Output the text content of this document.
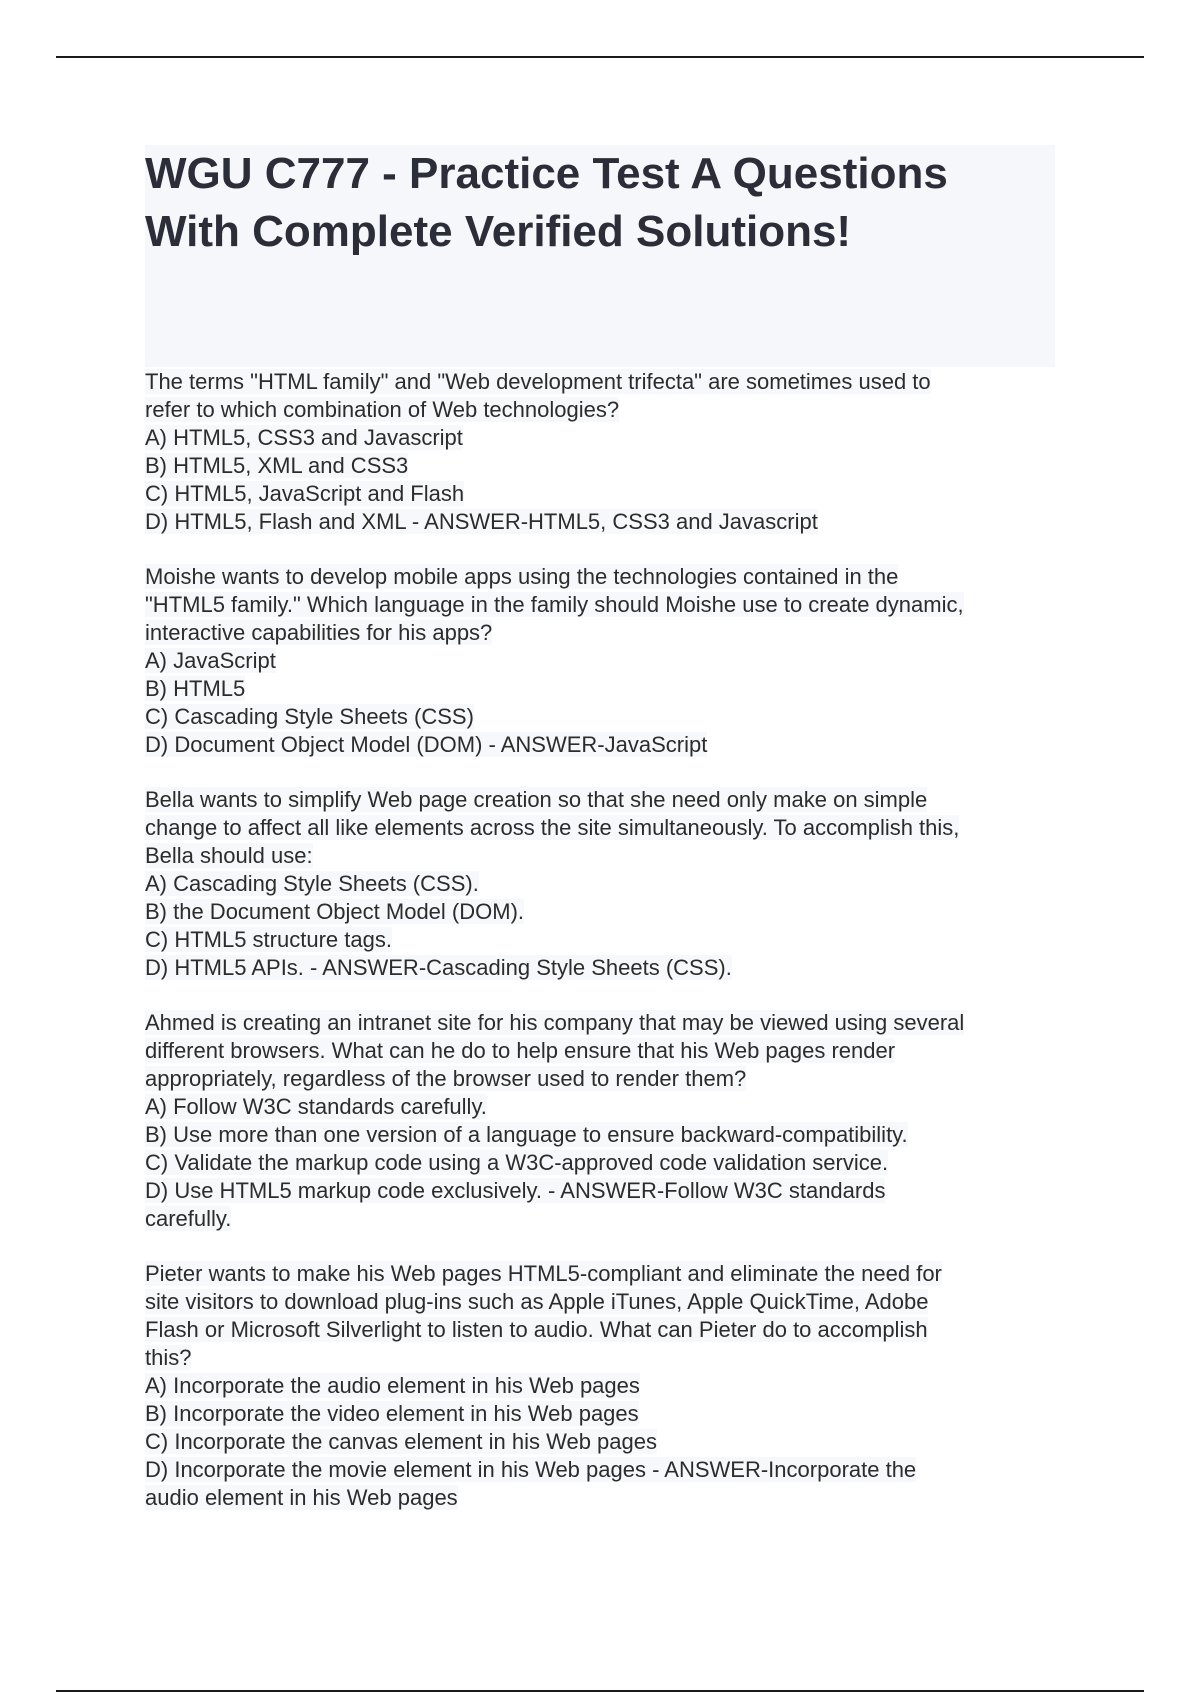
WGU C777 - Practice Test A Questions
With Complete Verified Solutions!
The terms "HTML family" and "Web development trifecta" are sometimes used to
refer to which combination of Web technologies?
A) HTML5, CSS3 and Javascript
B) HTML5, XML and CSS3
C) HTML5, JavaScript and Flash
D) HTML5, Flash and XML - ANSWER-HTML5, CSS3 and Javascript
Moishe wants to develop mobile apps using the technologies contained in the
"HTML5 family." Which language in the family should Moishe use to create dynamic,
interactive capabilities for his apps?
A) JavaScript
B) HTML5
C) Cascading Style Sheets (CSS)
D) Document Object Model (DOM) - ANSWER-JavaScript
Bella wants to simplify Web page creation so that she need only make on simple
change to affect all like elements across the site simultaneously. To accomplish this,
Bella should use:
A) Cascading Style Sheets (CSS).
B) the Document Object Model (DOM).
C) HTML5 structure tags.
D) HTML5 APIs. - ANSWER-Cascading Style Sheets (CSS).
Ahmed is creating an intranet site for his company that may be viewed using several
different browsers. What can he do to help ensure that his Web pages render
appropriately, regardless of the browser used to render them?
A) Follow W3C standards carefully.
B) Use more than one version of a language to ensure backward-compatibility.
C) Validate the markup code using a W3C-approved code validation service.
D) Use HTML5 markup code exclusively. - ANSWER-Follow W3C standards
carefully.
Pieter wants to make his Web pages HTML5-compliant and eliminate the need for
site visitors to download plug-ins such as Apple iTunes, Apple QuickTime, Adobe
Flash or Microsoft Silverlight to listen to audio. What can Pieter do to accomplish
this?
A) Incorporate the audio element in his Web pages
B) Incorporate the video element in his Web pages
C) Incorporate the canvas element in his Web pages
D) Incorporate the movie element in his Web pages - ANSWER-Incorporate the
audio element in his Web pages
